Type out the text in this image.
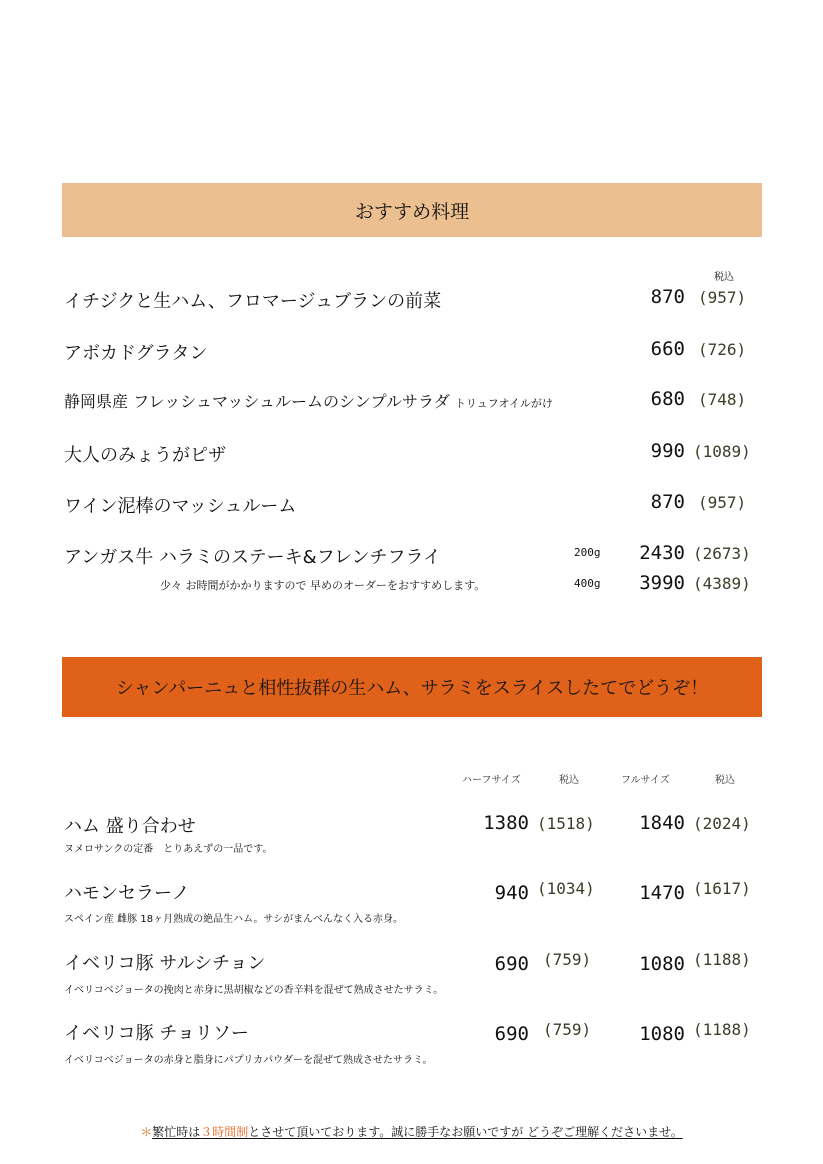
おすすめ料理
税込
イチジクと生ハム、フロマージュブランの前菜	870 (957)
アボカドグラタン	660 (726)
静岡県産 フレッシュマッシュルームのシンプルサラダ トリュフオイルがけ	680 (748)
大人のみょうがピザ	990 (1089)
ワイン泥棒のマッシュルーム	870 (957)
アンガス牛 ハラミのステーキ&フレンチフライ	200g 2430 (2673)
少々 お時間がかかりますので 早めのオーダーをおすすめします。	400g 3990 (4389)
シャンパーニュと相性抜群の生ハム、サラミをスライスしたてでどうぞ！
ハーフサイズ	税込	フルサイズ	税込
ハム 盛り合わせ
ヌメロサンクの定番　とりあえずの一品です。
1380 (1518) 1840 (2024)
ハモンセラーノ
スペイン産 雌豚 18ヶ月熟成の絶品生ハム。サシがまんべんなく入る赤身。
940 (1034) 1470 (1617)
イベリコ豚 サルシチョン
イベリコベジョータの挽肉と赤身に黒胡椒などの香辛料を混ぜて熟成させたサラミ。
690 (759)	1080 (1188)
イベリコ豚 チョリソー
イベリコベジョータの赤身と脂身にパプリカパウダーを混ぜて熟成させたサラミ。
690 (759)	1080 (1188)
＊繁忙時は３時間制とさせて頂いております。誠に勝手なお願いですが どうぞご理解くださいませ。
